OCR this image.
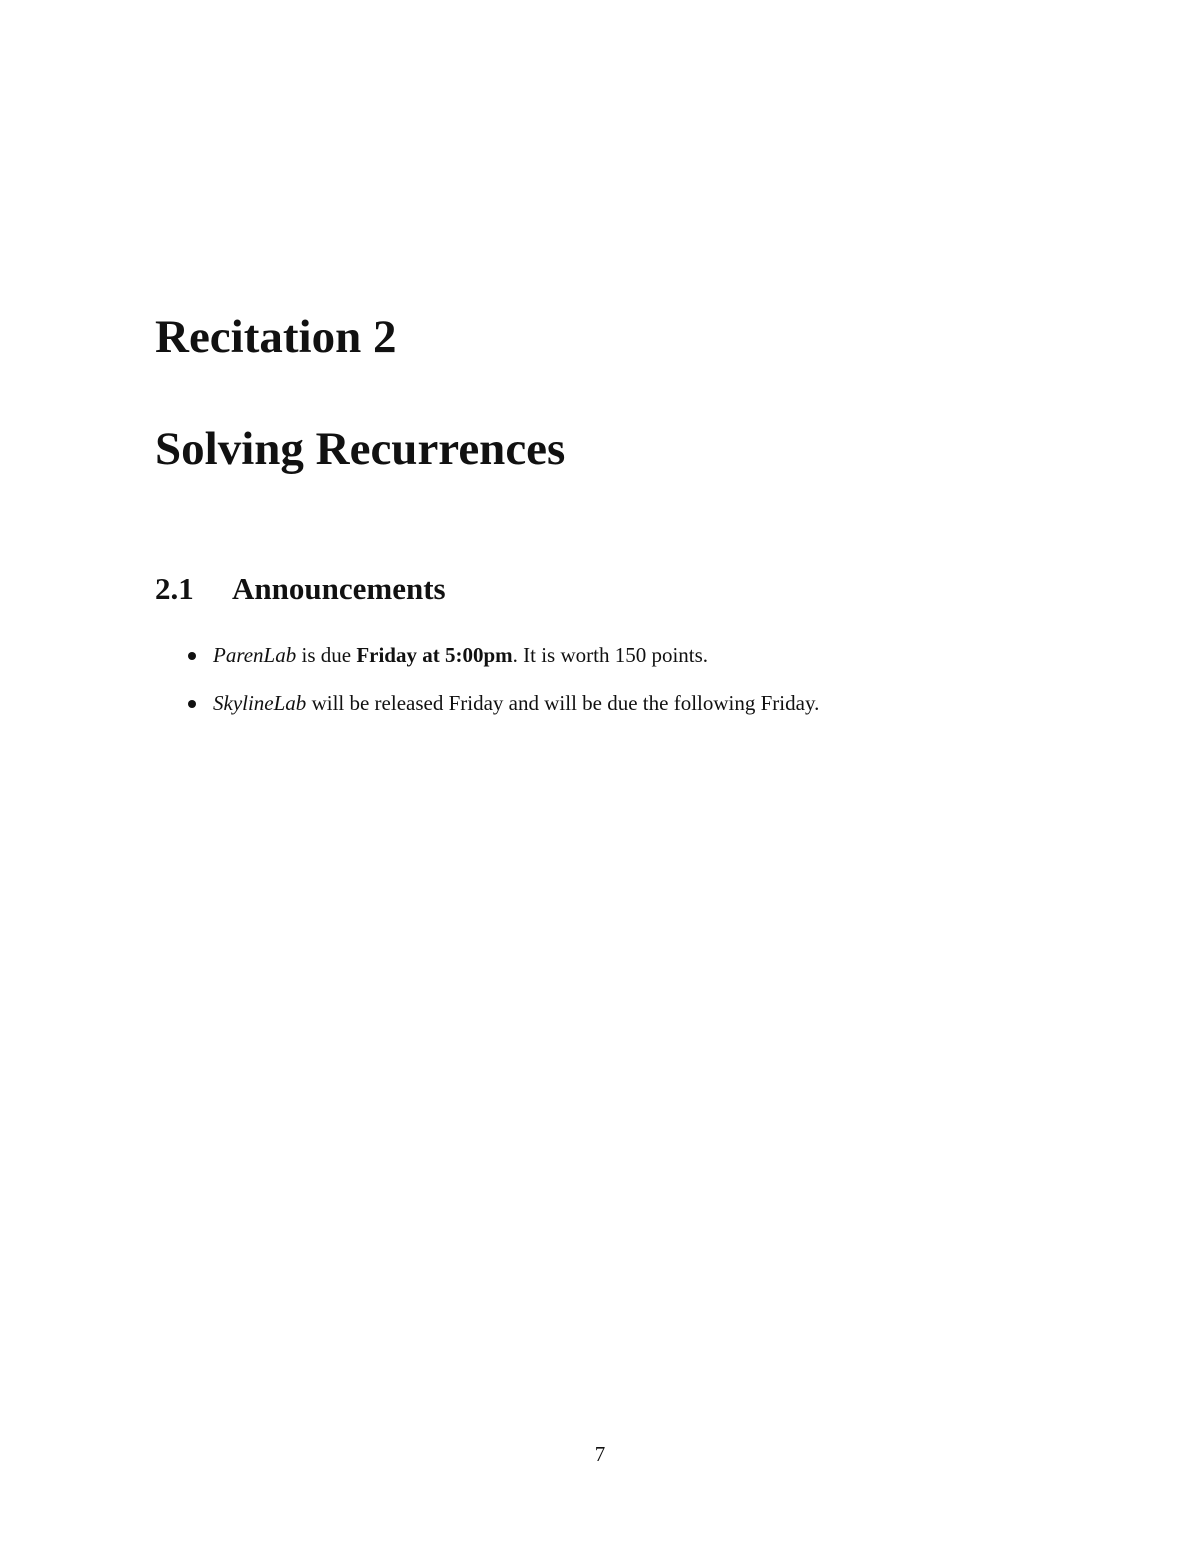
Recitation 2
Solving Recurrences
2.1 Announcements
ParenLab is due Friday at 5:00pm. It is worth 150 points.
SkylineLab will be released Friday and will be due the following Friday.
7
